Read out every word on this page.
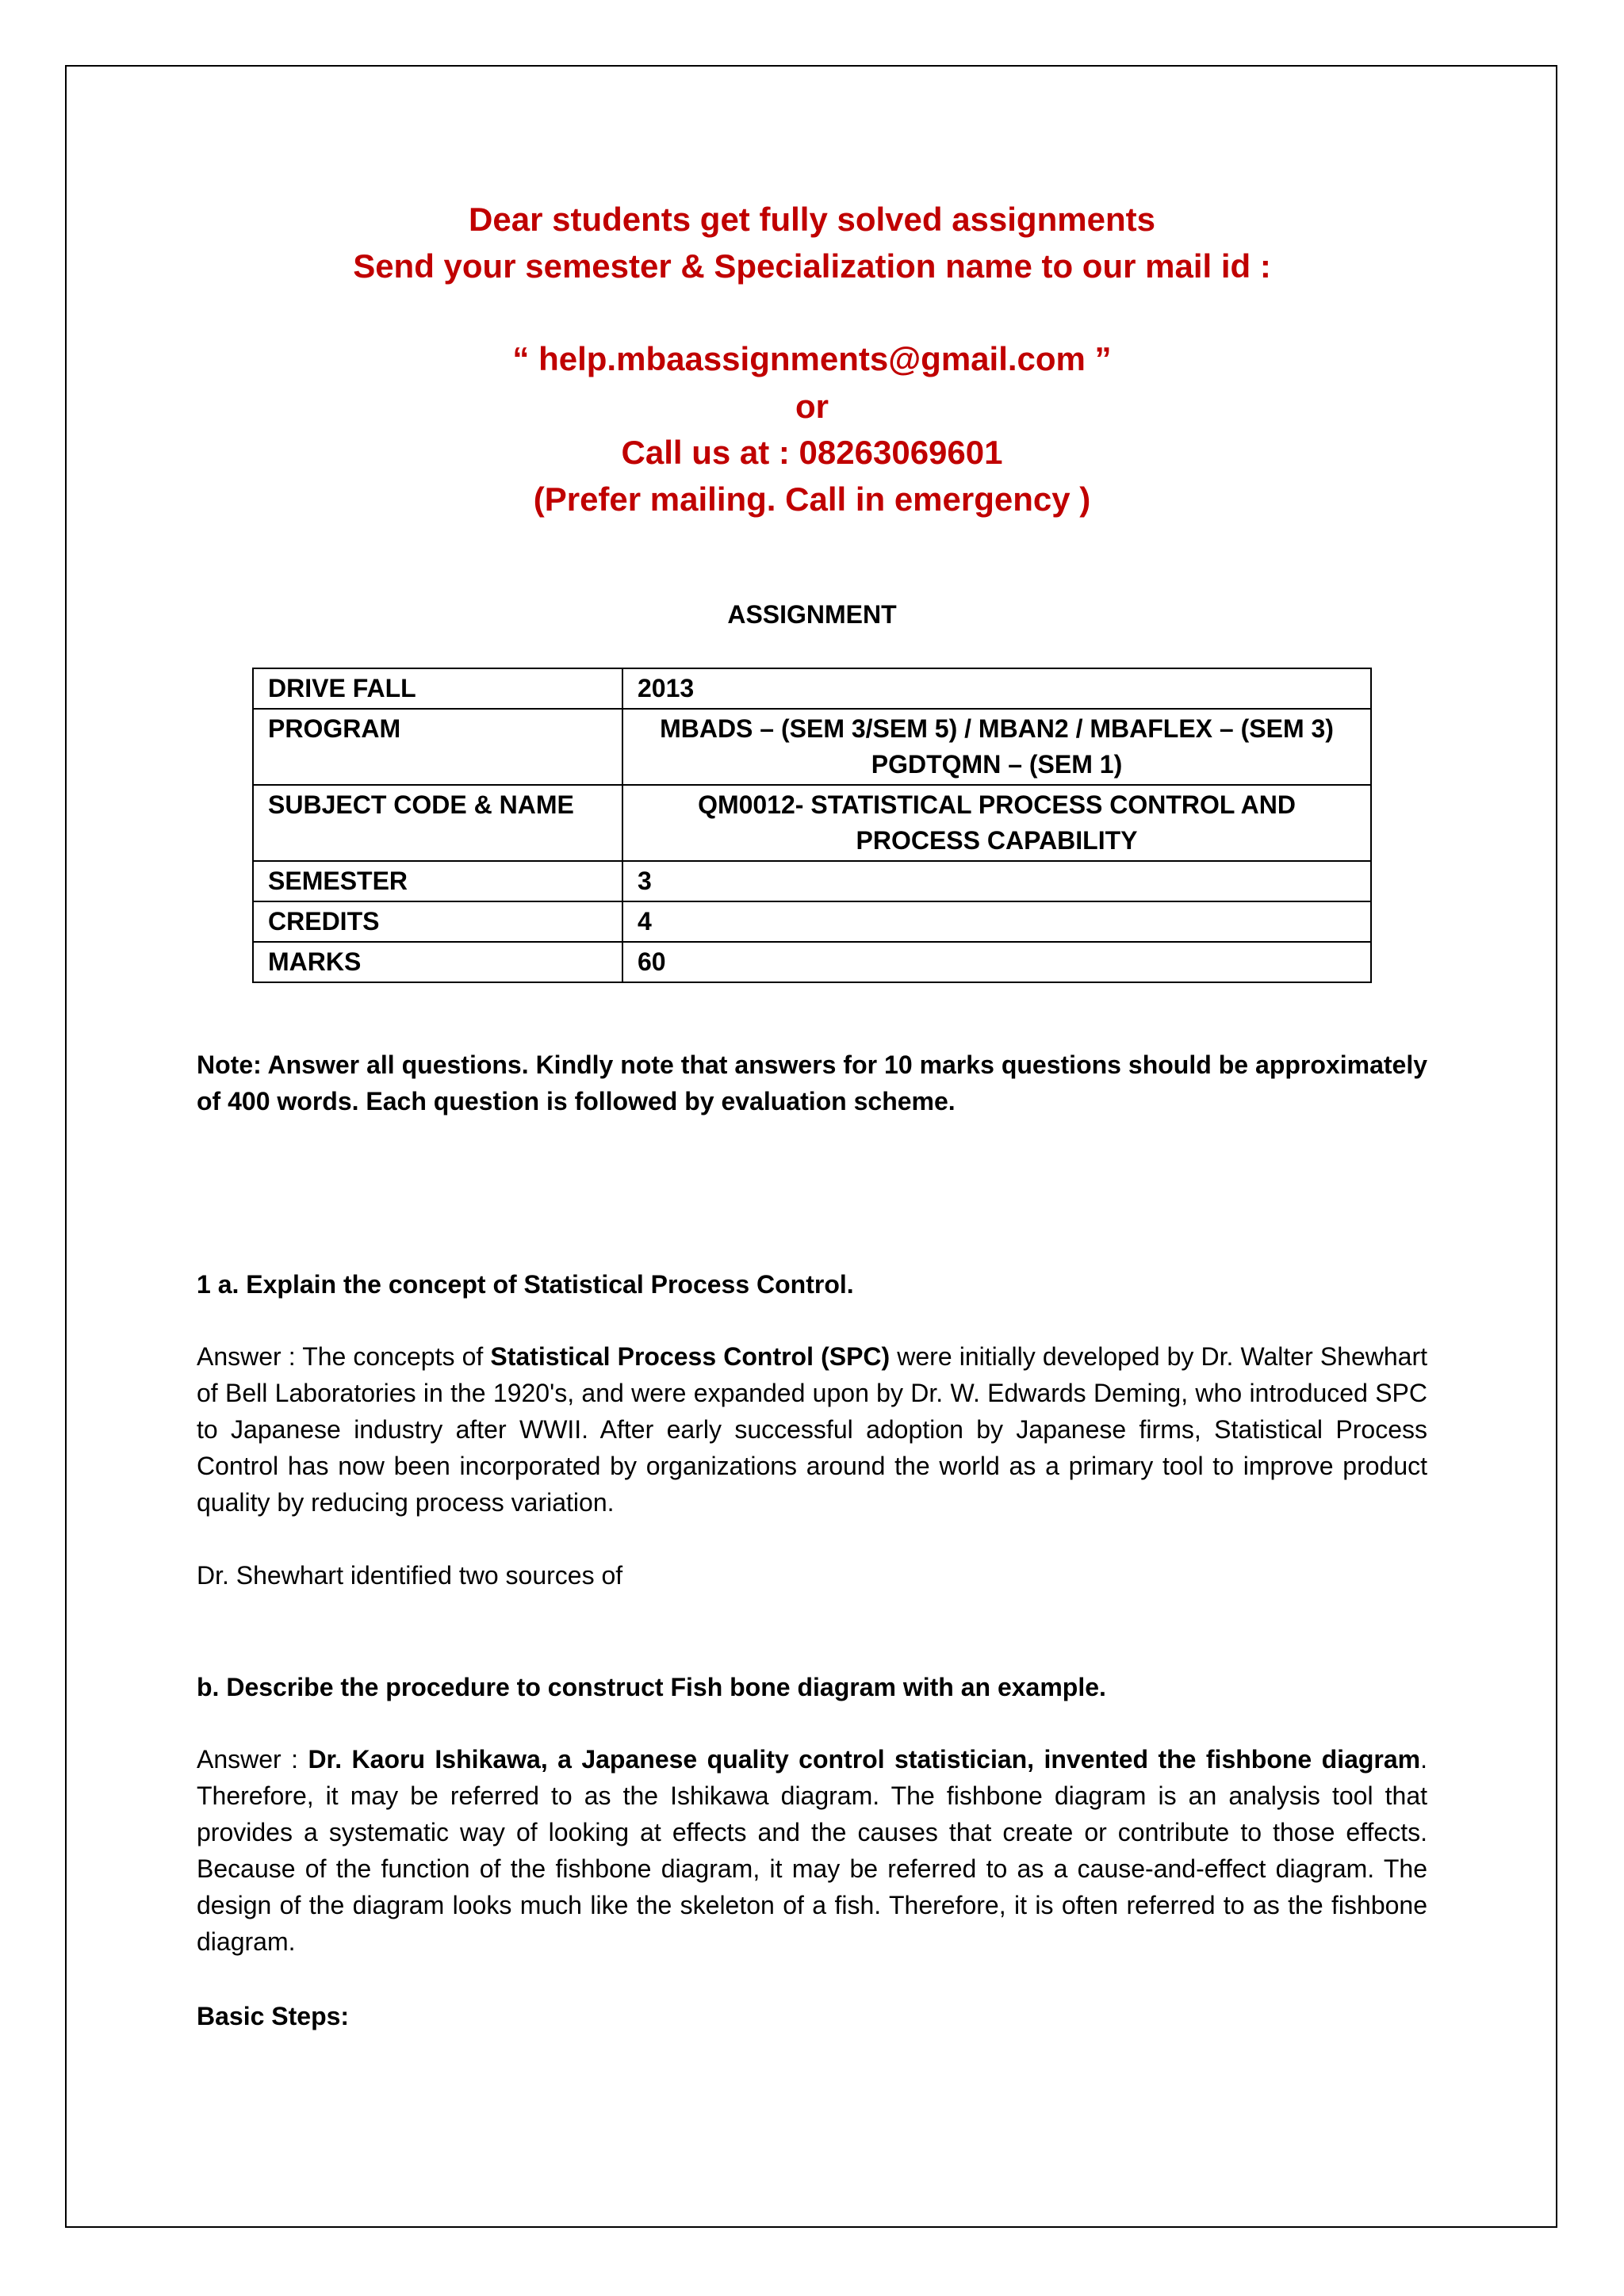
Dear students get fully solved assignments
Send your semester & Specialization name to our mail id :
“ help.mbaassignments@gmail.com ”
or
Call us at : 08263069601
(Prefer mailing. Call in emergency )
ASSIGNMENT
DRIVE FALL	2013
PROGRAM	MBADS – (SEM 3/SEM 5) / MBAN2 / MBAFLEX – (SEM 3) PGDTQMN – (SEM 1)
SUBJECT CODE & NAME	QM0012- STATISTICAL PROCESS CONTROL AND PROCESS CAPABILITY
SEMESTER	3
CREDITS	4
MARKS	60
Note: Answer all questions. Kindly note that answers for 10 marks questions should be approximately of 400 words. Each question is followed by evaluation scheme.
1 a. Explain the concept of Statistical Process Control.
Answer : The concepts of Statistical Process Control (SPC) were initially developed by Dr. Walter Shewhart of Bell Laboratories in the 1920's, and were expanded upon by Dr. W. Edwards Deming, who introduced SPC to Japanese industry after WWII. After early successful adoption by Japanese firms, Statistical Process Control has now been incorporated by organizations around the world as a primary tool to improve product quality by reducing process variation.
Dr. Shewhart identified two sources of
b. Describe the procedure to construct Fish bone diagram with an example.
Answer : Dr. Kaoru Ishikawa, a Japanese quality control statistician, invented the fishbone diagram. Therefore, it may be referred to as the Ishikawa diagram. The fishbone diagram is an analysis tool that provides a systematic way of looking at effects and the causes that create or contribute to those effects. Because of the function of the fishbone diagram, it may be referred to as a cause-and-effect diagram. The design of the diagram looks much like the skeleton of a fish. Therefore, it is often referred to as the fishbone diagram.
Basic Steps:
